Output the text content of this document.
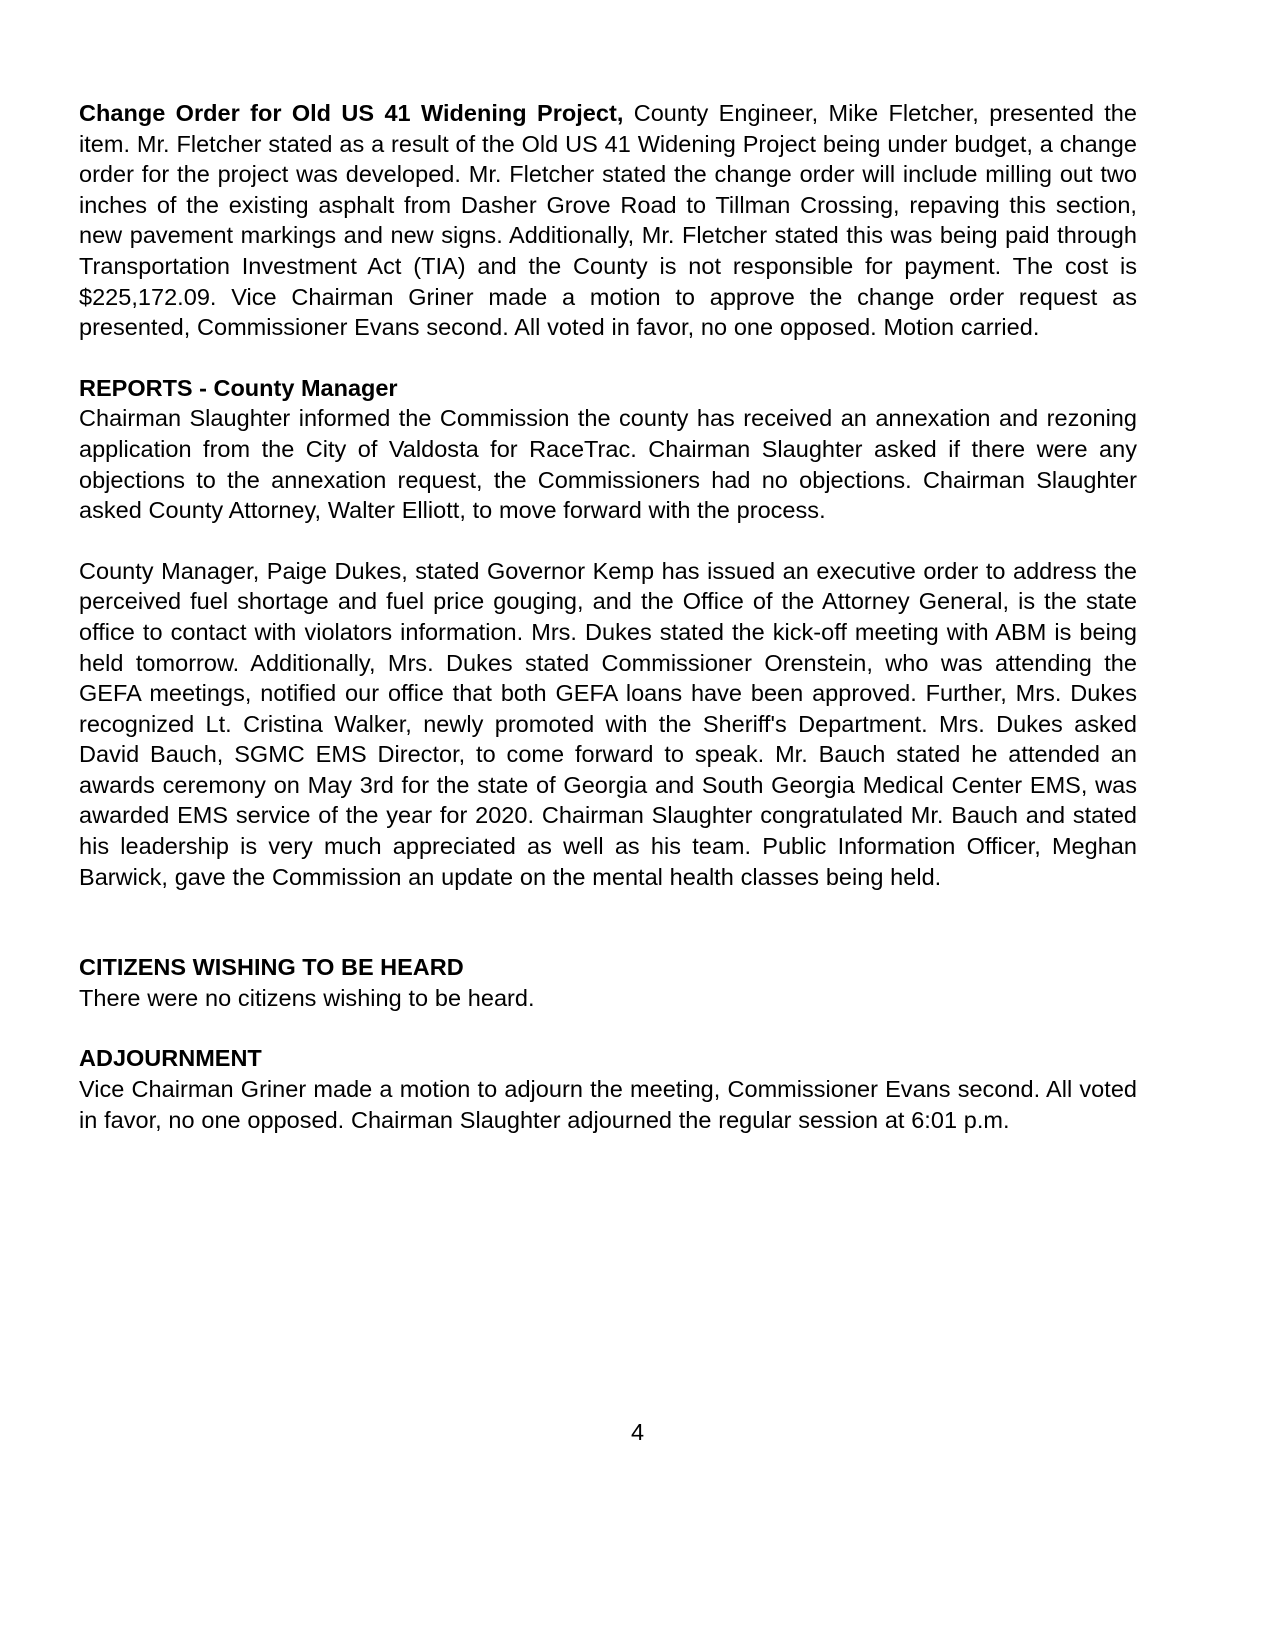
Change Order for Old US 41 Widening Project, County Engineer, Mike Fletcher, presented the item. Mr. Fletcher stated as a result of the Old US 41 Widening Project being under budget, a change order for the project was developed. Mr. Fletcher stated the change order will include milling out two inches of the existing asphalt from Dasher Grove Road to Tillman Crossing, repaving this section, new pavement markings and new signs. Additionally, Mr. Fletcher stated this was being paid through Transportation Investment Act (TIA) and the County is not responsible for payment. The cost is $225,172.09. Vice Chairman Griner made a motion to approve the change order request as presented, Commissioner Evans second. All voted in favor, no one opposed. Motion carried.

REPORTS - County Manager

Chairman Slaughter informed the Commission the county has received an annexation and rezoning application from the City of Valdosta for RaceTrac. Chairman Slaughter asked if there were any objections to the annexation request, the Commissioners had no objections. Chairman Slaughter asked County Attorney, Walter Elliott, to move forward with the process.

County Manager, Paige Dukes, stated Governor Kemp has issued an executive order to address the perceived fuel shortage and fuel price gouging, and the Office of the Attorney General, is the state office to contact with violators information. Mrs. Dukes stated the kick-off meeting with ABM is being held tomorrow. Additionally, Mrs. Dukes stated Commissioner Orenstein, who was attending the GEFA meetings, notified our office that both GEFA loans have been approved. Further, Mrs. Dukes recognized Lt. Cristina Walker, newly promoted with the Sheriff's Department. Mrs. Dukes asked David Bauch, SGMC EMS Director, to come forward to speak. Mr. Bauch stated he attended an awards ceremony on May 3rd for the state of Georgia and South Georgia Medical Center EMS, was awarded EMS service of the year for 2020. Chairman Slaughter congratulated Mr. Bauch and stated his leadership is very much appreciated as well as his team. Public Information Officer, Meghan Barwick, gave the Commission an update on the mental health classes being held.

CITIZENS WISHING TO BE HEARD

There were no citizens wishing to be heard.

ADJOURNMENT

Vice Chairman Griner made a motion to adjourn the meeting, Commissioner Evans second. All voted in favor, no one opposed. Chairman Slaughter adjourned the regular session at 6:01 p.m.

4
